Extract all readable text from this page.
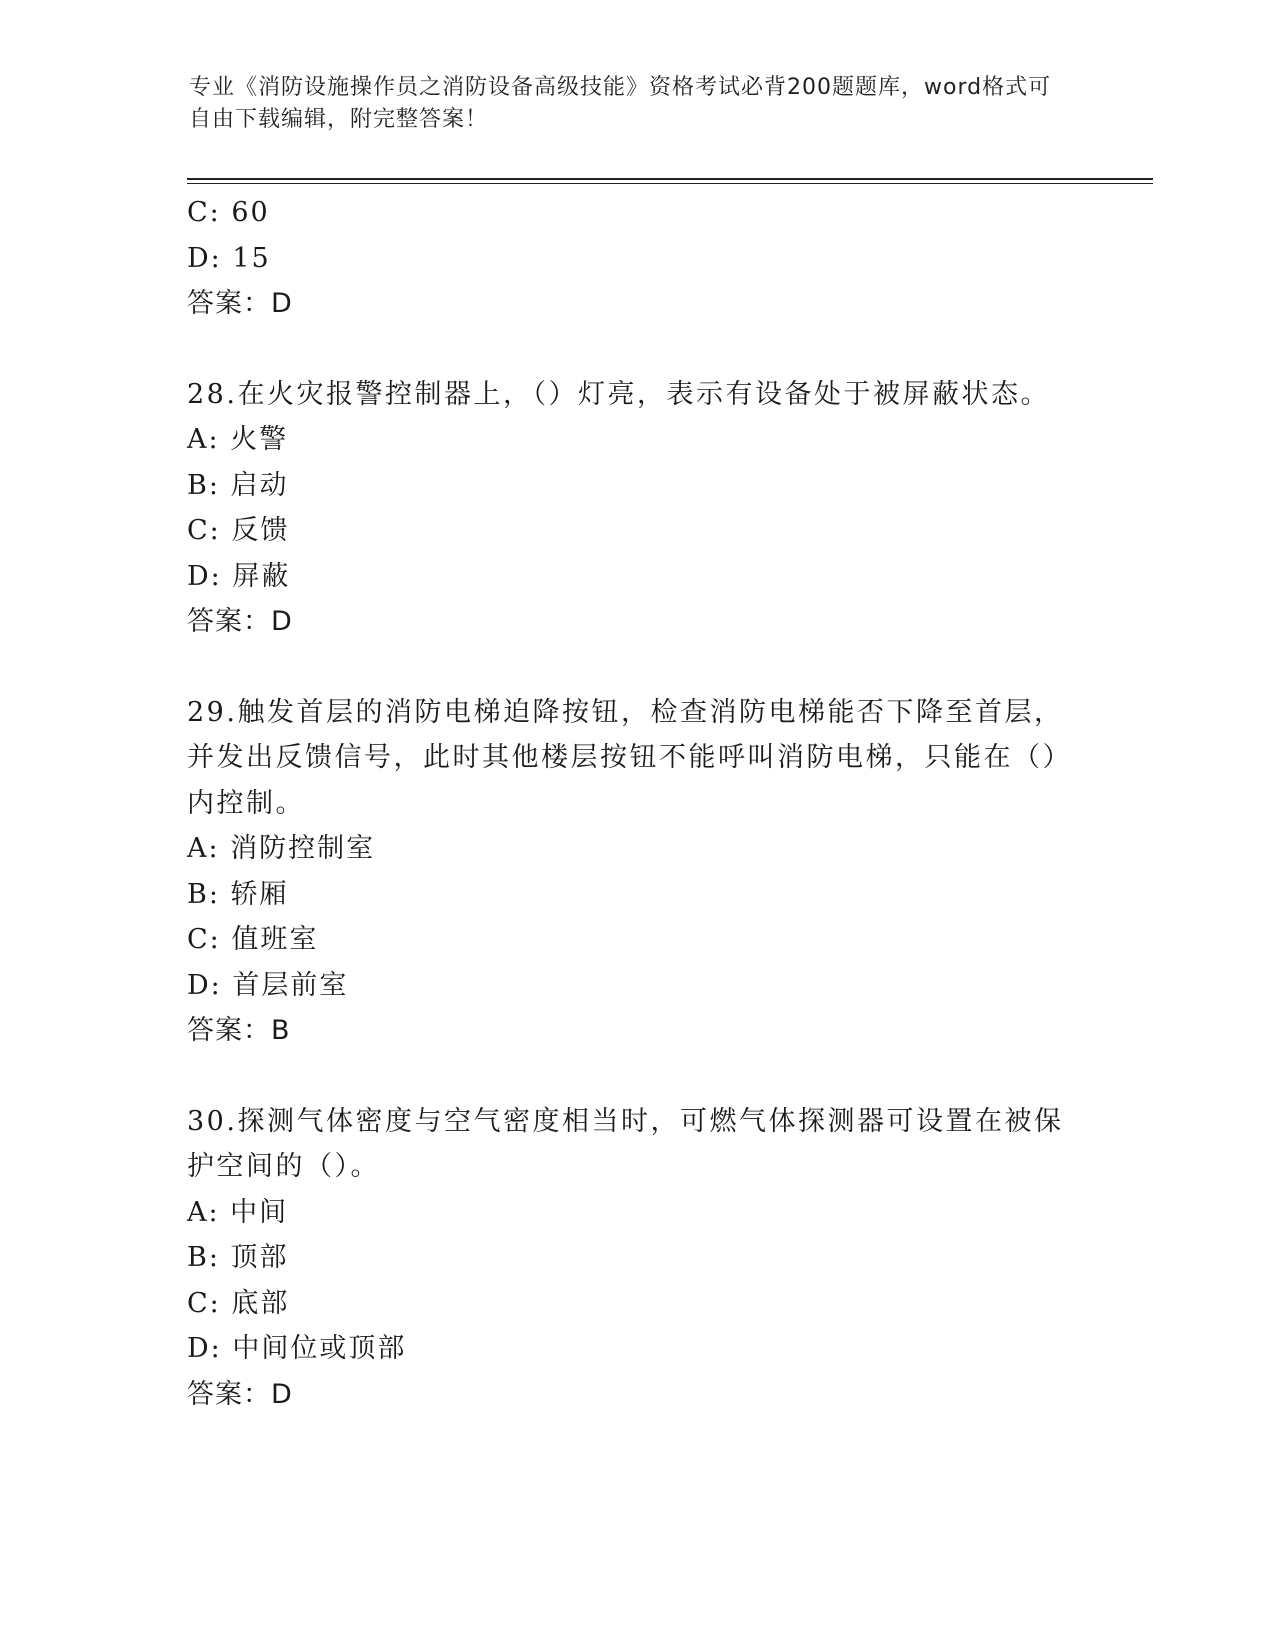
专业《消防设施操作员之消防设备高级技能》资格考试必背200题题库，word格式可自由下载编辑，附完整答案！
C: 60
D: 15
答案：D
28.在火灾报警控制器上，（）灯亮，表示有设备处于被屏蔽状态。
A: 火警
B: 启动
C: 反馈
D: 屏蔽
答案：D
29.触发首层的消防电梯迫降按钮，检查消防电梯能否下降至首层，并发出反馈信号，此时其他楼层按钮不能呼叫消防电梯，只能在（）内控制。
A: 消防控制室
B: 轿厢
C: 值班室
D: 首层前室
答案：B
30.探测气体密度与空气密度相当时，可燃气体探测器可设置在被保护空间的（）。
A: 中间
B: 顶部
C: 底部
D: 中间位或顶部
答案：D
